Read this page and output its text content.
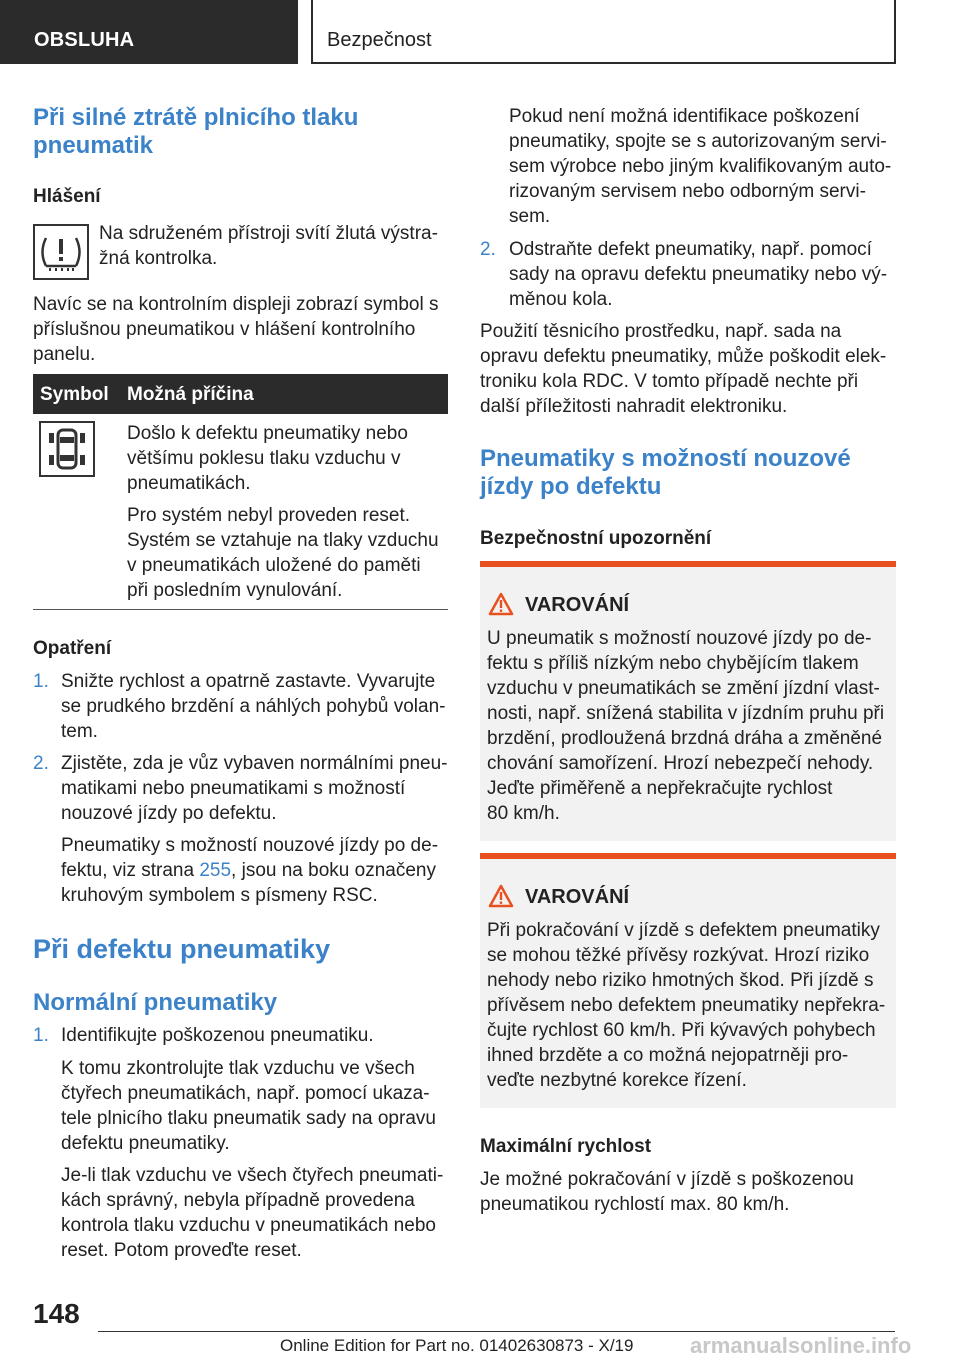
OBSLUHA	Bezpečnost
Při silné ztrátě plnicího tlaku
pneumatik
Hlášení
Na sdruženém přístroji svítí žlutá výstra-
žná kontrolka.
Navíc se na kontrolním displeji zobrazí symbol s
příslušnou pneumatikou v hlášení kontrolního
panelu.
Symbol Možná příčina
Došlo k defektu pneumatiky nebo
většímu poklesu tlaku vzduchu v
pneumatikách.
Pro systém nebyl proveden reset.
Systém se vztahuje na tlaky vzduchu
v pneumatikách uložené do paměti
při posledním vynulování.
Opatření
1. Snižte rychlost a opatrně zastavte. Vyvarujte
se prudkého brzdění a náhlých pohybů volan-
tem.
2. Zjistěte, zda je vůz vybaven normálními pneu-
matikami nebo pneumatikami s možností
nouzové jízdy po defektu.
Pneumatiky s možností nouzové jízdy po de-
fektu, viz strana 255, jsou na boku označeny
kruhovým symbolem s písmeny RSC.
Při defektu pneumatiky
Normální pneumatiky
1. Identifikujte poškozenou pneumatiku.
K tomu zkontrolujte tlak vzduchu ve všech
čtyřech pneumatikách, např. pomocí ukaza-
tele plnicího tlaku pneumatik sady na opravu
defektu pneumatiky.
Je-li tlak vzduchu ve všech čtyřech pneumati-
kách správný, nebyla případně provedena
kontrola tlaku vzduchu v pneumatikách nebo
reset. Potom proveďte reset.
Pokud není možná identifikace poškození
pneumatiky, spojte se s autorizovaným servi-
sem výrobce nebo jiným kvalifikovaným auto-
rizovaným servisem nebo odborným servi-
sem.
2. Odstraňte defekt pneumatiky, např. pomocí
sady na opravu defektu pneumatiky nebo vý-
měnou kola.
Použití těsnicího prostředku, např. sada na
opravu defektu pneumatiky, může poškodit elek-
troniku kola RDC. V tomto případě nechte při
další příležitosti nahradit elektroniku.
Pneumatiky s možností nouzové
jízdy po defektu
Bezpečnostní upozornění
VAROVÁNÍ
U pneumatik s možností nouzové jízdy po de-
fektu s příliš nízkým nebo chybějícím tlakem
vzduchu v pneumatikách se změní jízdní vlast-
nosti, např. snížená stabilita v jízdním pruhu při
brzdění, prodloužená brzdná dráha a změněné
chování samořízení. Hrozí nebezpečí nehody.
Jeďte přiměřeně a nepřekračujte rychlost
80 km/h.
VAROVÁNÍ
Při pokračování v jízdě s defektem pneumatiky
se mohou těžké přívěsy rozkývat. Hrozí riziko
nehody nebo riziko hmotných škod. Při jízdě s
přívěsem nebo defektem pneumatiky nepřekra-
čujte rychlost 60 km/h. Při kývavých pohybech
ihned brzděte a co možná nejopatrněji pro-
veďte nezbytné korekce řízení.
Maximální rychlost
Je možné pokračování v jízdě s poškozenou
pneumatikou rychlostí max. 80 km/h.
148
Online Edition for Part no. 01402630873 - X/19	armanualsonline.info
